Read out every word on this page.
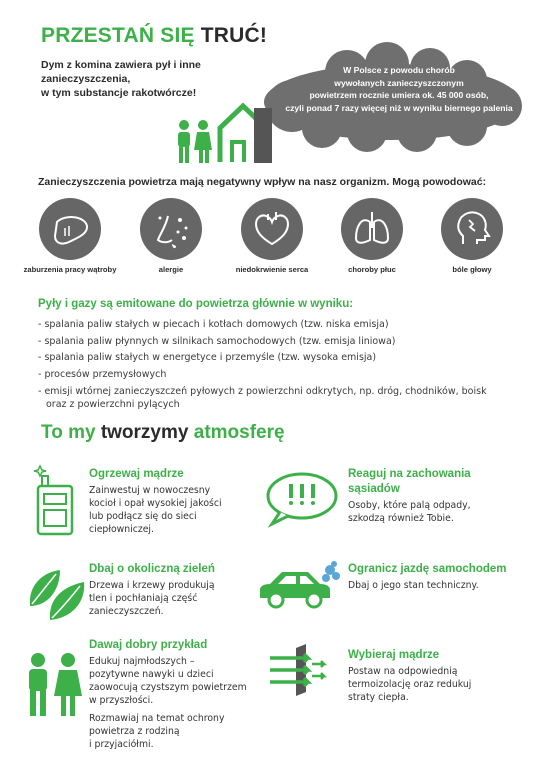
PRZESTAŃ SIĘ TRUĆ!
Dym z komina zawiera pył i inne zanieczyszczenia,
w tym substancje rakotwórcze!
W Polsce z powodu chorób
wywołanych zanieczyszczonym
powietrzem rocznie umiera ok. 45 000 osób,
czyli ponad 7 razy więcej niż w wyniku biernego palenia
Zanieczyszczenia powietrza mają negatywny wpływ na nasz organizm. Mogą powodować:
zaburzenia pracy wątroby	alergie	niedokrwienie serca	choroby płuc	bóle głowy
Pyły i gazy są emitowane do powietrza głównie w wyniku:
- spalania paliw stałych w piecach i kotłach domowych (tzw. niska emisja)
- spalania paliw płynnych w silnikach samochodowych (tzw. emisja liniowa)
- spalania paliw stałych w energetyce i przemyśle (tzw. wysoka emisja)
- procesów przemysłowych
- emisji wtórnej zanieczyszczeń pyłowych z powierzchni odkrytych, np. dróg, chodników, boisk oraz z powierzchni pylących
To my tworzymy atmosferę
Ogrzewaj mądrze
Zainwestuj w nowoczesny
kocioł i opał wysokiej jakości
lub podłącz się do sieci
ciepłowniczej.
Reaguj na zachowania
sąsiadów
Osoby, które palą odpady,
szkodzą również Tobie.
Dbaj o okoliczną zieleń
Drzewa i krzewy produkują
tlen i pochłaniają część
zanieczyszczeń.
Ogranicz jazdę samochodem
Dbaj o jego stan techniczny.
Dawaj dobry przykład
Edukuj najmłodszych –
pozytywne nawyki u dzieci
zaowocują czystszym powietrzem
w przyszłości.
Rozmawiaj na temat ochrony
powietrza z rodziną
i przyjaciółmi.
Wybieraj mądrze
Postaw na odpowiednią
termoizolację oraz redukuj
straty ciepła.
